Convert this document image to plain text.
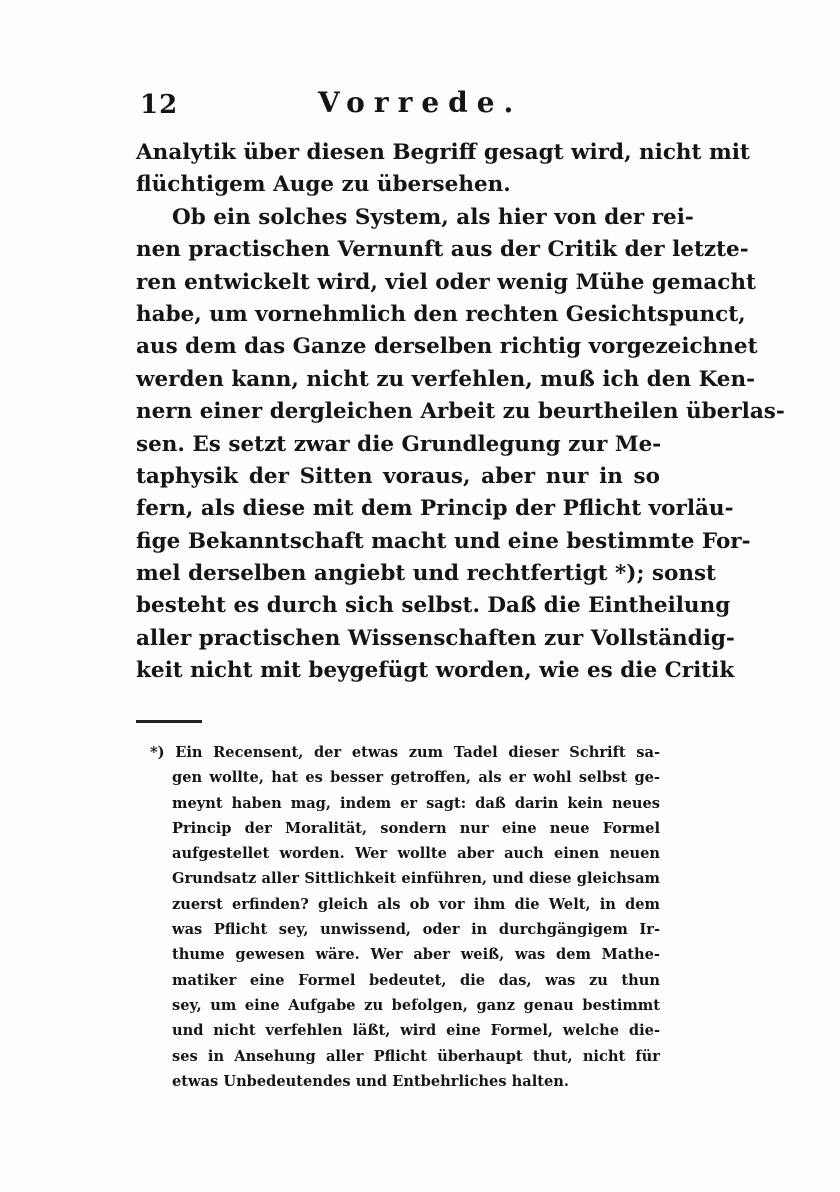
12	Vorrede.
Analytik über diesen Begriff gesagt wird, nicht mit
flüchtigem Auge zu übersehen.
Ob ein solches System, als hier von der rei-
nen practischen Vernunft aus der Critik der letzte-
ren entwickelt wird, viel oder wenig Mühe gemacht
habe, um vornehmlich den rechten Gesichtspunct,
aus dem das Ganze derselben richtig vorgezeichnet
werden kann, nicht zu verfehlen, muß ich den Ken-
nern einer dergleichen Arbeit zu beurtheilen überlas-
sen. Es setzt zwar die Grundlegung zur Me-
taphysik der Sitten voraus, aber nur in so
fern, als diese mit dem Princip der Pflicht vorläu-
fige Bekanntschaft macht und eine bestimmte For-
mel derselben angiebt und rechtfertigt *); sonst
besteht es durch sich selbst. Daß die Eintheilung
aller practischen Wissenschaften zur Vollständig-
keit nicht mit beygefügt worden, wie es die Critik
*) Ein Recensent, der etwas zum Tadel dieser Schrift sa-
gen wollte, hat es besser getroffen, als er wohl selbst ge-
meynt haben mag, indem er sagt: daß darin kein neues
Princip der Moralität, sondern nur eine neue Formel
aufgestellet worden. Wer wollte aber auch einen neuen
Grundsatz aller Sittlichkeit einführen, und diese gleichsam
zuerst erfinden? gleich als ob vor ihm die Welt, in dem
was Pflicht sey, unwissend, oder in durchgängigem Ir-
thume gewesen wäre. Wer aber weiß, was dem Mathe-
matiker eine Formel bedeutet, die das, was zu thun
sey, um eine Aufgabe zu befolgen, ganz genau bestimmt
und nicht verfehlen läßt, wird eine Formel, welche die-
ses in Ansehung aller Pflicht überhaupt thut, nicht für
etwas Unbedeutendes und Entbehrliches halten.
